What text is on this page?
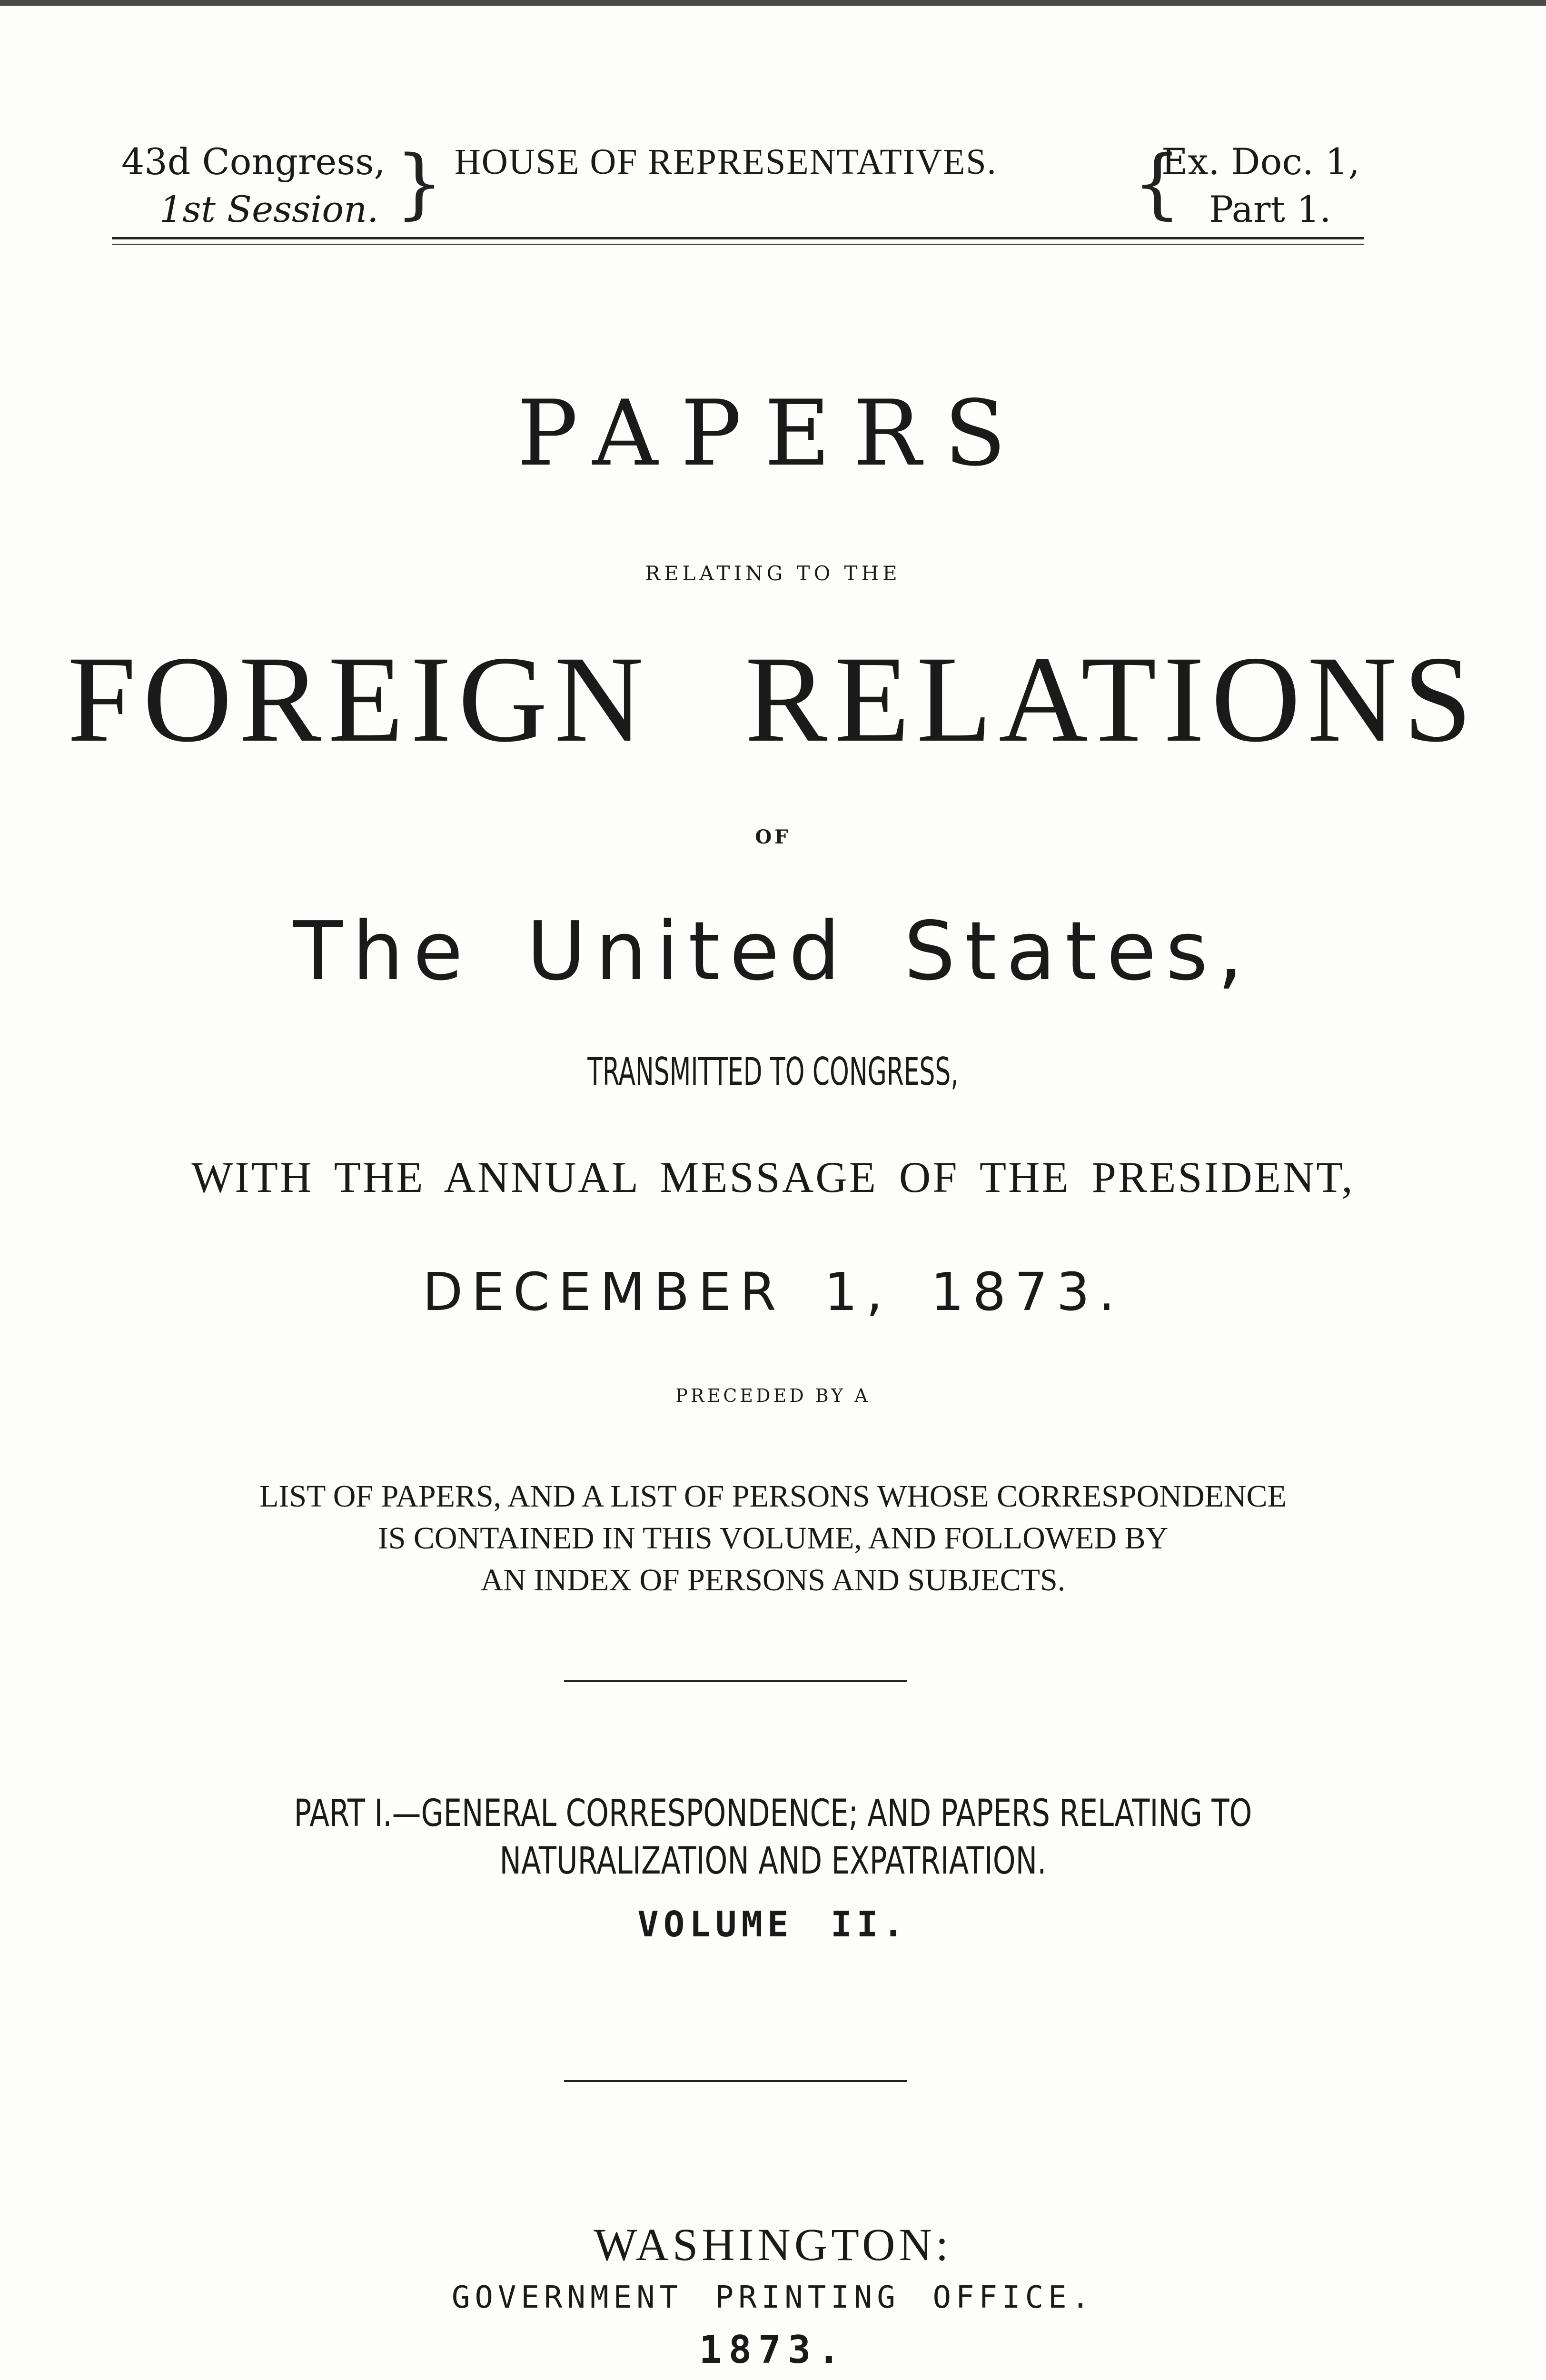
43d Congress,
1st Session. } HOUSE OF REPRESENTATIVES. {
Ex. Doc. 1,
Part 1.
PAPERS
RELATING TO THE
FOREIGN RELATIONS
OF
The United States,
TRANSMITTED TO CONGRESS,
WITH THE ANNUAL MESSAGE OF THE PRESIDENT,
DECEMBER 1, 1873.
PRECEDED BY A
LIST OF PAPERS, AND A LIST OF PERSONS WHOSE CORRESPONDENCE
IS CONTAINED IN THIS VOLUME, AND FOLLOWED BY
AN INDEX OF PERSONS AND SUBJECTS.
PART I.—GENERAL CORRESPONDENCE; AND PAPERS RELATING TO
NATURALIZATION AND EXPATRIATION.
VOLUME II.
WASHINGTON:
GOVERNMENT PRINTING OFFICE.
1873.
